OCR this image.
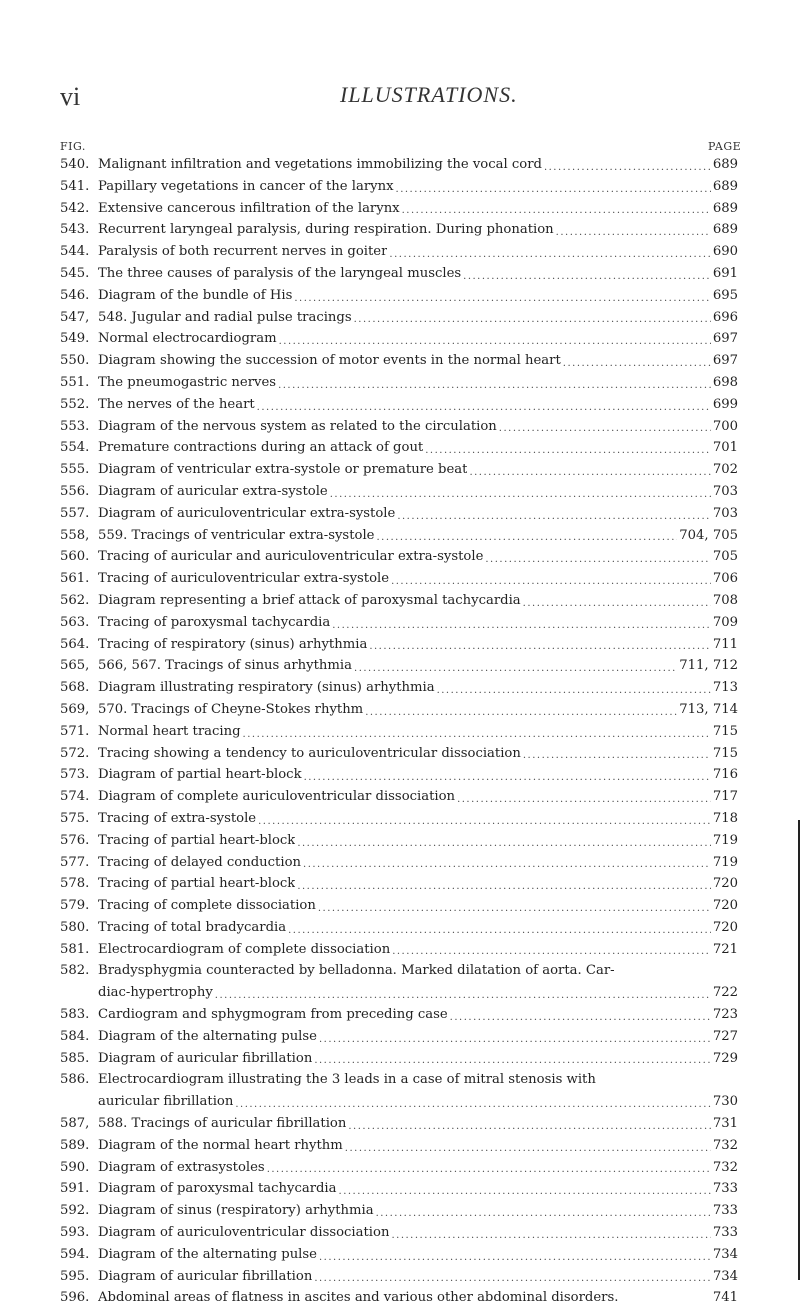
vi	ILLUSTRATIONS.
FIG.	PAGE
540. Malignant infiltration and vegetations immobilizing the vocal cord .....	689
541. Papillary vegetations in cancer of the larynx .....	689
542. Extensive cancerous infiltration of the larynx .....	689
543. Recurrent laryngeal paralysis, during respiration. During phonation .....	689
544. Paralysis of both recurrent nerves in goiter .....	690
545. The three causes of paralysis of the laryngeal muscles .....	691
546. Diagram of the bundle of His .....	695
547, 548. Jugular and radial pulse tracings .....	696
549. Normal electrocardiogram .....	697
550. Diagram showing the succession of motor events in the normal heart .....	697
551. The pneumogastric nerves .....	698
552. The nerves of the heart .....	699
553. Diagram of the nervous system as related to the circulation .....	700
554. Premature contractions during an attack of gout .....	701
555. Diagram of ventricular extra-systole or premature beat .....	702
556. Diagram of auricular extra-systole .....	703
557. Diagram of auriculoventricular extra-systole .....	703
558, 559. Tracings of ventricular extra-systole .....	704, 705
560. Tracing of auricular and auriculoventricular extra-systole .....	705
561. Tracing of auriculoventricular extra-systole .....	706
562. Diagram representing a brief attack of paroxysmal tachycardia .....	708
563. Tracing of paroxysmal tachycardia .....	709
564. Tracing of respiratory (sinus) arhythmia .....	711
565, 566, 567. Tracings of sinus arhythmia .....	711, 712
568. Diagram illustrating respiratory (sinus) arhythmia .....	713
569, 570. Tracings of Cheyne-Stokes rhythm .....	713, 714
571. Normal heart tracing .....	715
572. Tracing showing a tendency to auriculoventricular dissociation .....	715
573. Diagram of partial heart-block .....	716
574. Diagram of complete auriculoventricular dissociation .....	717
575. Tracing of extra-systole .....	718
576. Tracing of partial heart-block .....	719
577. Tracing of delayed conduction .....	719
578. Tracing of partial heart-block .....	720
579. Tracing of complete dissociation .....	720
580. Tracing of total bradycardia .....	720
581. Electrocardiogram of complete dissociation .....	721
582. Bradysphygmia counteracted by belladonna. Marked dilatation of aorta. Car-
diac-hypertrophy .....	722
583. Cardiogram and sphygmogram from preceding case .....	723
584. Diagram of the alternating pulse .....	727
585. Diagram of auricular fibrillation .....	729
586. Electrocardiogram illustrating the 3 leads in a case of mitral stenosis with
auricular fibrillation .....	730
587, 588. Tracings of auricular fibrillation .....	731
589. Diagram of the normal heart rhythm .....	732
590. Diagram of extrasystoles .....	732
591. Diagram of paroxysmal tachycardia .....	733
592. Diagram of sinus (respiratory) arhythmia .....	733
593. Diagram of auriculoventricular dissociation .....	733
594. Diagram of the alternating pulse .....	734
595. Diagram of auricular fibrillation .....	734
596. Abdominal areas of flatness in ascites and various other abdominal disorders.	741
